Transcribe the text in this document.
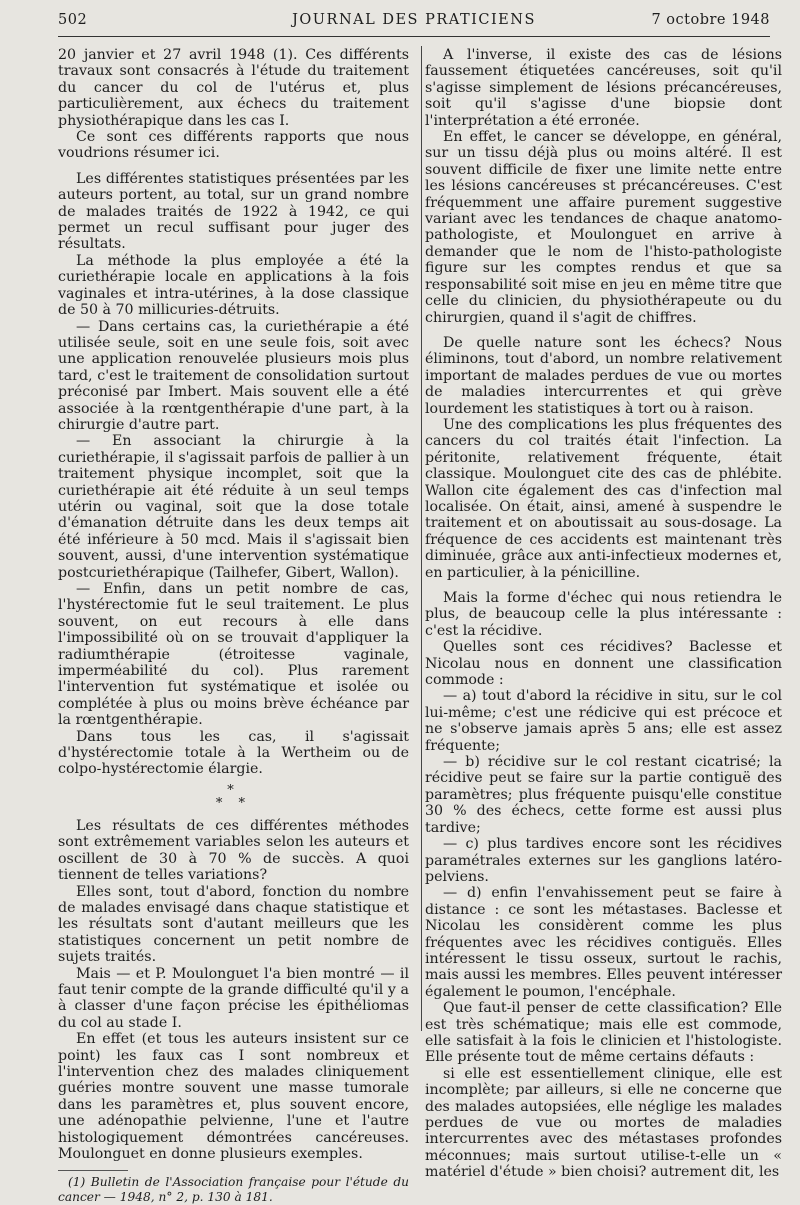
502	JOURNAL DES PRATICIENS	7 octobre 1948

20 janvier et 27 avril 1948 (1). Ces différents travaux sont consacrés à l'étude du traitement du cancer du col de l'utérus et, plus particulièrement, aux échecs du traitement physiothérapique dans les cas I.

Ce sont ces différents rapports que nous voudrions résumer ici.

Les différentes statistiques présentées par les auteurs portent, au total, sur un grand nombre de malades traités de 1922 à 1942, ce qui permet un recul suffisant pour juger des résultats.

La méthode la plus employée a été la curiethérapie locale en applications à la fois vaginales et intra-utérines, à la dose classique de 50 à 70 millicuries-détruits.

— Dans certains cas, la curiethérapie a été utilisée seule, soit en une seule fois, soit avec une application renouvelée plusieurs mois plus tard, c'est le traitement de consolidation surtout préconisé par Imbert. Mais souvent elle a été associée à la rœntgenthérapie d'une part, à la chirurgie d'autre part.

— En associant la chirurgie à la curiethérapie, il s'agissait parfois de pallier à un traitement physique incomplet, soit que la curiethérapie ait été réduite à un seul temps utérin ou vaginal, soit que la dose totale d'émanation détruite dans les deux temps ait été inférieure à 50 mcd. Mais il s'agissait bien souvent, aussi, d'une intervention systématique postcuriethérapique (Tailhefer, Gibert, Wallon).

— Enfin, dans un petit nombre de cas, l'hystérectomie fut le seul traitement. Le plus souvent, on eut recours à elle dans l'impossibilité où on se trouvait d'appliquer la radiumthérapie (étroitesse vaginale, imperméabilité du col). Plus rarement l'intervention fut systématique et isolée ou complétée à plus ou moins brève échéance par la rœntgenthérapie.

Dans tous les cas, il s'agissait d'hystérectomie totale à la Wertheim ou de colpo-hystérectomie élargie.

*
* *

Les résultats de ces différentes méthodes sont extrêmement variables selon les auteurs et oscillent de 30 à 70 % de succès. A quoi tiennent de telles variations?

Elles sont, tout d'abord, fonction du nombre de malades envisagé dans chaque statistique et les résultats sont d'autant meilleurs que les statistiques concernent un petit nombre de sujets traités.

Mais — et P. Moulonguet l'a bien montré — il faut tenir compte de la grande difficulté qu'il y a à classer d'une façon précise les épithéliomas du col au stade I.

En effet (et tous les auteurs insistent sur ce point) les faux cas I sont nombreux et l'intervention chez des malades cliniquement guéries montre souvent une masse tumorale dans les paramètres et, plus souvent encore, une adénopathie pelvienne, l'une et l'autre histologiquement démontrées cancéreuses. Moulonguet en donne plusieurs exemples.

(1) Bulletin de l'Association française pour l'étude du cancer — 1948, n° 2, p. 130 à 181.

A l'inverse, il existe des cas de lésions faussement étiquetées cancéreuses, soit qu'il s'agisse simplement de lésions précancéreuses, soit qu'il s'agisse d'une biopsie dont l'interprétation a été erronée.

En effet, le cancer se développe, en général, sur un tissu déjà plus ou moins altéré. Il est souvent difficile de fixer une limite nette entre les lésions cancéreuses st précancéreuses. C'est fréquemment une affaire purement suggestive variant avec les tendances de chaque anatomo-pathologiste, et Moulonguet en arrive à demander que le nom de l'histo-pathologiste figure sur les comptes rendus et que sa responsabilité soit mise en jeu en même titre que celle du clinicien, du physiothérapeute ou du chirurgien, quand il s'agit de chiffres.

De quelle nature sont les échecs? Nous éliminons, tout d'abord, un nombre relativement important de malades perdues de vue ou mortes de maladies intercurrentes et qui grève lourdement les statistiques à tort ou à raison.

Une des complications les plus fréquentes des cancers du col traités était l'infection. La péritonite, relativement fréquente, était classique. Moulonguet cite des cas de phlébite. Wallon cite également des cas d'infection mal localisée. On était, ainsi, amené à suspendre le traitement et on aboutissait au sous-dosage. La fréquence de ces accidents est maintenant très diminuée, grâce aux anti-infectieux modernes et, en particulier, à la pénicilline.

Mais la forme d'échec qui nous retiendra le plus, de beaucoup celle la plus intéressante : c'est la récidive.

Quelles sont ces récidives? Baclesse et Nicolau nous en donnent une classification commode :

— a) tout d'abord la récidive in situ, sur le col lui-même; c'est une rédicive qui est précoce et ne s'observe jamais après 5 ans; elle est assez fréquente;

— b) récidive sur le col restant cicatrisé; la récidive peut se faire sur la partie contiguë des paramètres; plus fréquente puisqu'elle constitue 30 % des échecs, cette forme est aussi plus tardive;

— c) plus tardives encore sont les récidives paramétrales externes sur les ganglions latéro-pelviens.

— d) enfin l'envahissement peut se faire à distance : ce sont les métastases. Baclesse et Nicolau les considèrent comme les plus fréquentes avec les récidives contiguës. Elles intéressent le tissu osseux, surtout le rachis, mais aussi les membres. Elles peuvent intéresser également le poumon, l'encéphale.

Que faut-il penser de cette classification? Elle est très schématique; mais elle est commode, elle satisfait à la fois le clinicien et l'histologiste. Elle présente tout de même certains défauts :

si elle est essentiellement clinique, elle est incomplète; par ailleurs, si elle ne concerne que des malades autopsiées, elle néglige les malades perdues de vue ou mortes de maladies intercurrentes avec des métastases profondes méconnues; mais surtout utilise-t-elle un « matériel d'étude » bien choisi? autrement dit, les
